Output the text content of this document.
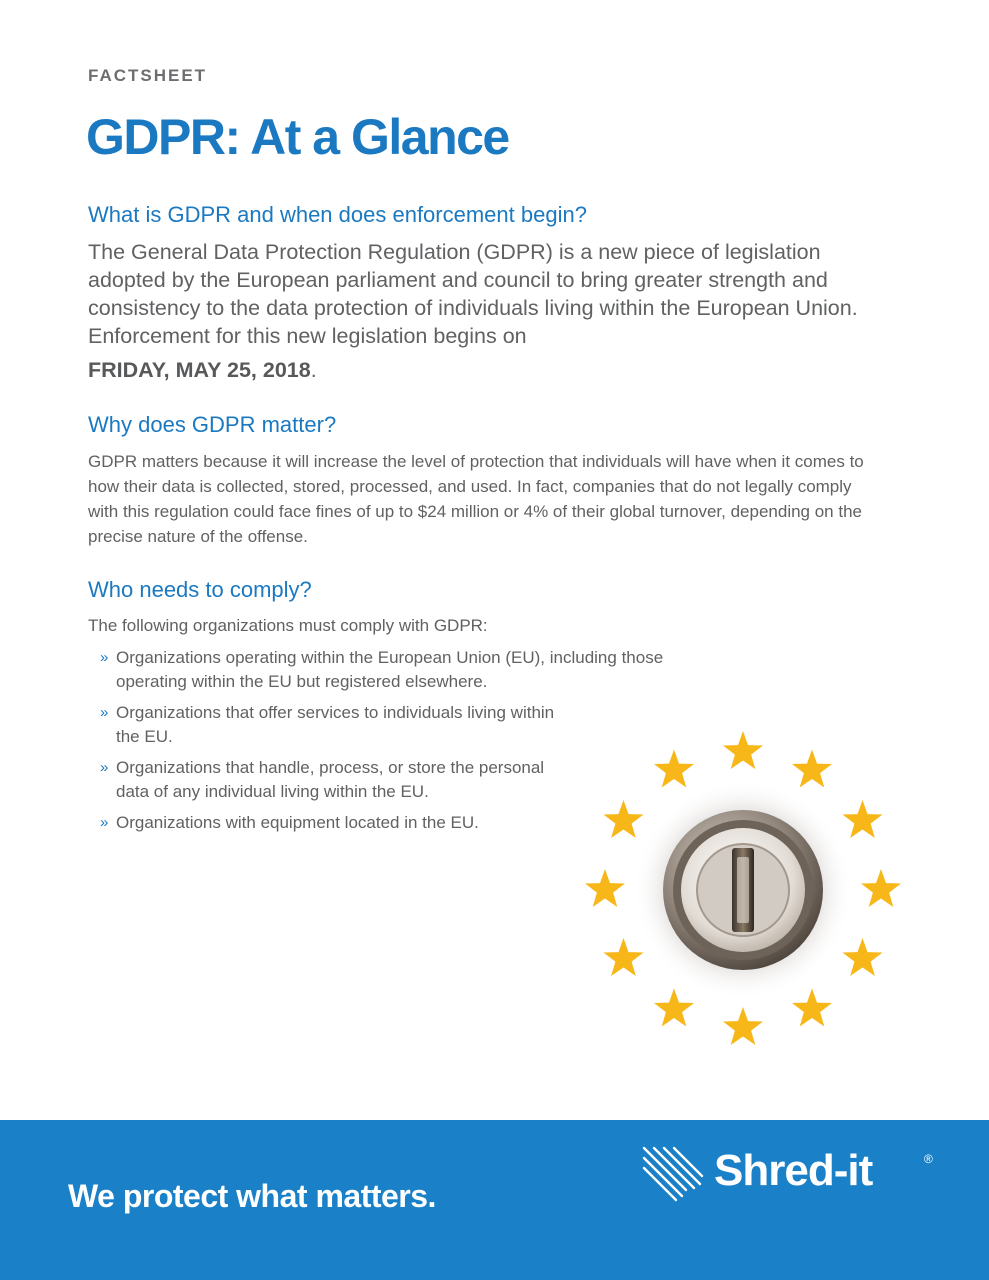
FACTSHEET
GDPR: At a Glance
What is GDPR and when does enforcement begin?

The General Data Protection Regulation (GDPR) is a new piece of legislation adopted by the European parliament and council to bring greater strength and consistency to the data protection of individuals living within the European Union. Enforcement for this new legislation begins on
FRIDAY, MAY 25, 2018.

Why does GDPR matter?

GDPR matters because it will increase the level of protection that individuals will have when it comes to how their data is collected, stored, processed, and used. In fact, companies that do not legally comply with this regulation could face fines of up to $24 million or 4% of their global turnover, depending on the precise nature of the offense.

Who needs to comply?

The following organizations must comply with GDPR:

» Organizations operating within the European Union (EU), including those operating within the EU but registered elsewhere.
» Organizations that offer services to individuals living within the EU.
» Organizations that handle, process, or store the personal data of any individual living within the EU.
» Organizations with equipment located in the EU.

We protect what matters.

Shred-it	®
